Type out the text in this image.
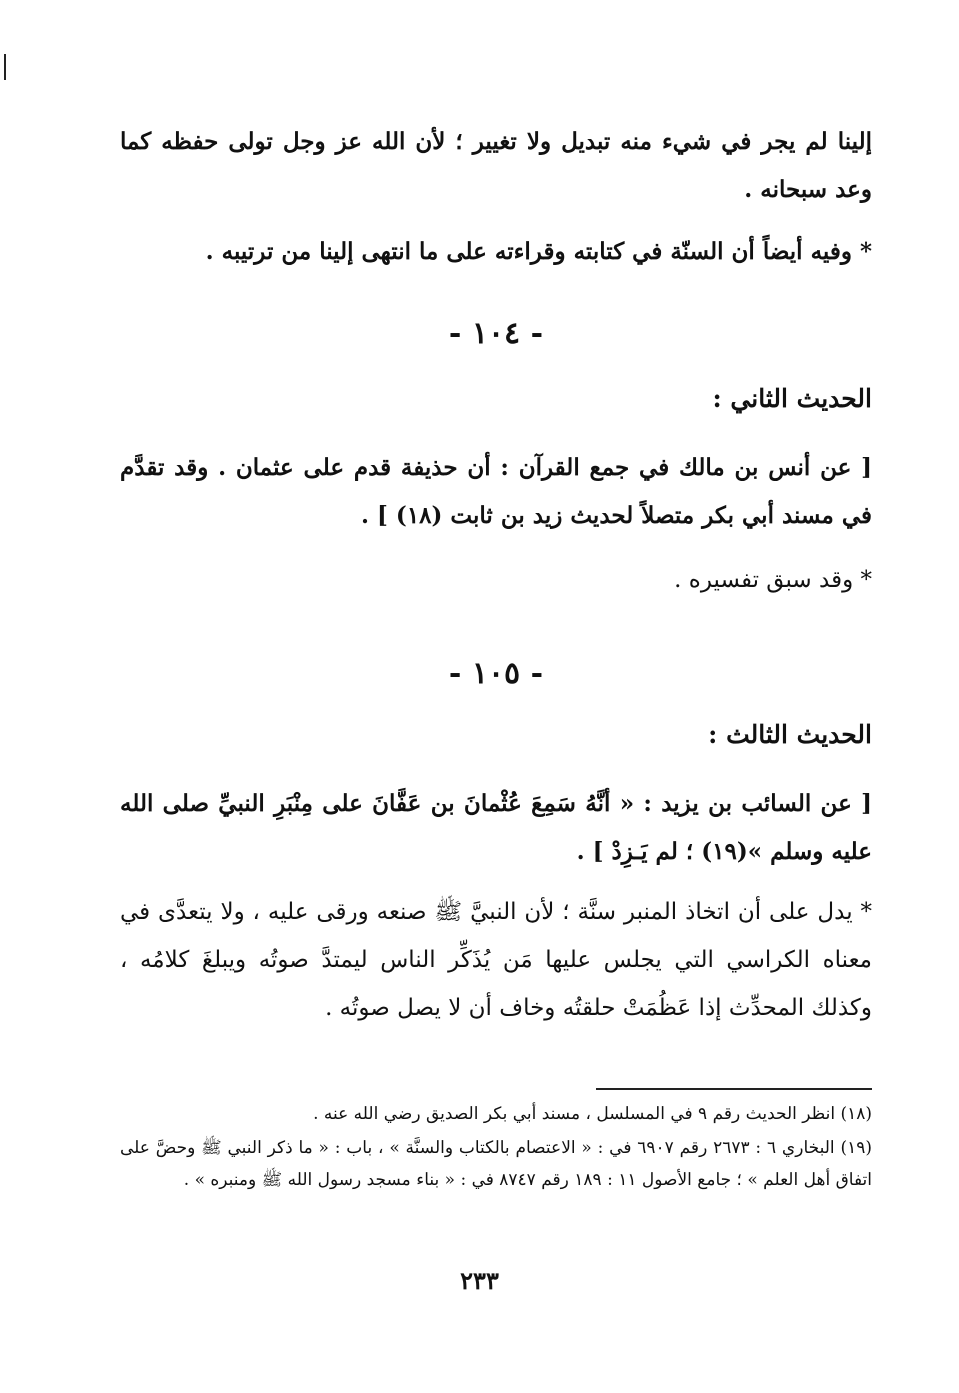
إلينا لم يجر في شيء منه تبديل ولا تغيير ؛ لأن الله عز وجل تولى حفظه كما وعد سبحانه .

* وفيه أيضاً أن السنّة في كتابته وقراءته على ما انتهى إلينا من ترتيبه .

- ١٠٤ -

الحديث الثاني :

[ عن أنس بن مالك في جمع القرآن : أن حذيفة قدم على عثمان . وقد تقدَّم في مسند أبي بكر متصلاً لحديث زيد بن ثابت (١٨) ] .

* وقد سبق تفسيره .

- ١٠٥ -

الحديث الثالث :

[ عن السائب بن يزيد : « أنَّهُ سَمِعَ عُثْمانَ بن عَفَّانَ على مِنْبَرِ النبيِّ صلى الله عليه وسلم »(١٩) ؛ لم يَـزِدْ ] .

* يدل على أن اتخاذ المنبر سنَّة ؛ لأن النبيَّ ﷺ صنعه ورقى عليه ، ولا يتعدَّى في معناه الكراسي التي يجلس عليها مَن يُذَكِّر الناس ليمتدَّ صوتُه ويبلغَ كلامُه ، وكذلك المحدِّث إذا عَظُمَتْ حلقتُه وخاف أن لا يصل صوتُه .

(١٨) انظر الحديث رقم ٩ في المسلسل ، مسند أبي بكر الصديق رضي الله عنه .

(١٩) البخاري ٦ : ٢٦٧٣ رقم ٦٩٠٧ في : « الاعتصام بالكتاب والسنَّة » ، باب : « ما ذكر النبي ﷺ وحضَّ على اتفاق أهل العلم » ؛ جامع الأصول ١١ : ١٨٩ رقم ٨٧٤٧ في : « بناء مسجد رسول الله ﷺ ومنبره » .

٢٣٣
